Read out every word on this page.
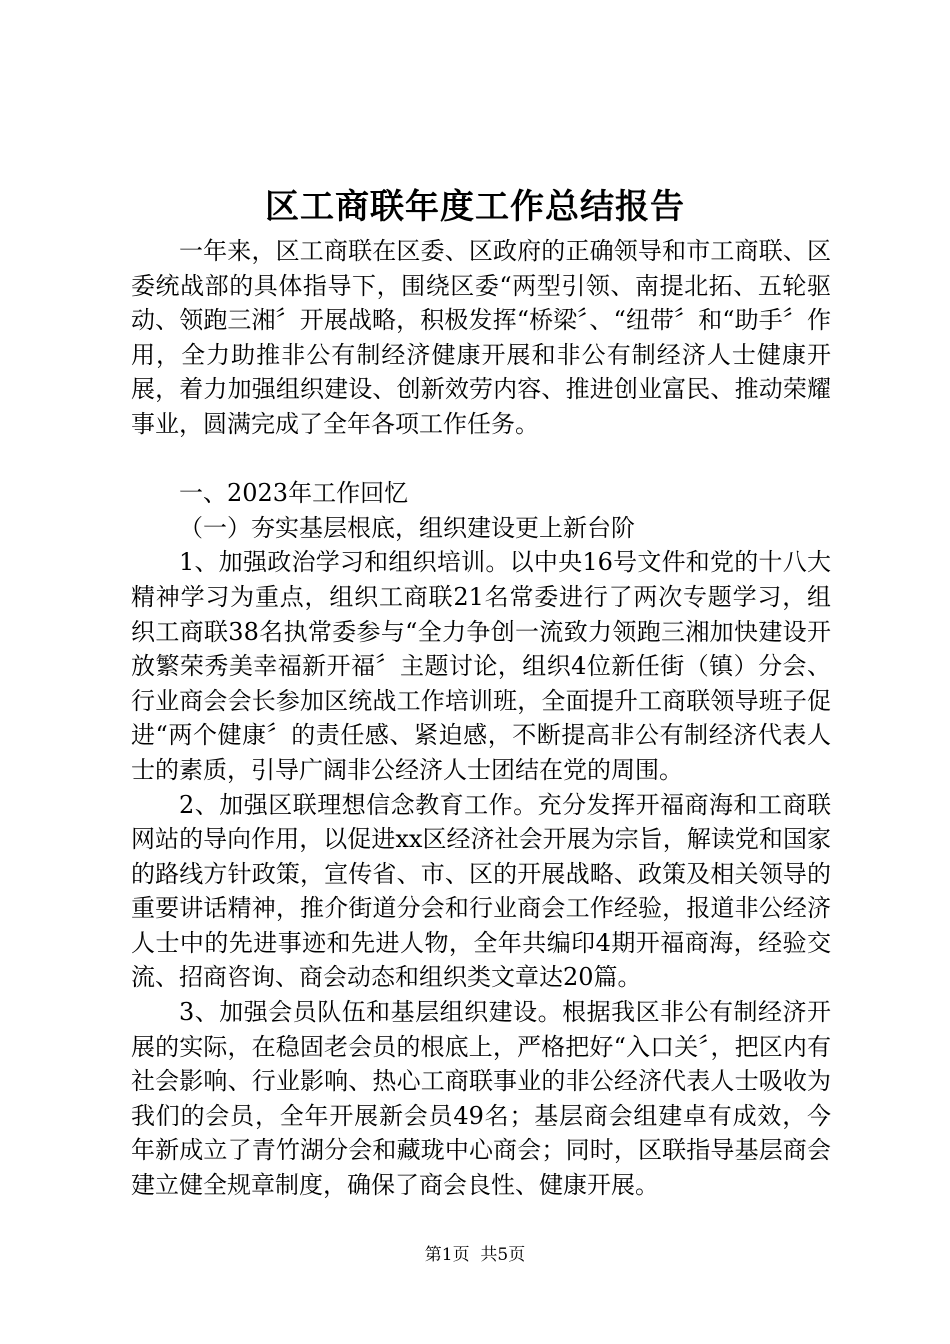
区工商联年度工作总结报告

一年来，区工商联在区委、区政府的正确领导和市工商联、区委统战部的具体指导下，围绕区委“两型引领、南提北拓、五轮驱动、领跑三湘〞开展战略，积极发挥“桥梁〞、“纽带〞和“助手〞作用，全力助推非公有制经济健康开展和非公有制经济人士健康开展，着力加强组织建设、创新效劳内容、推进创业富民、推动荣耀事业，圆满完成了全年各项工作任务。

一、2023年工作回忆

（一）夯实基层根底，组织建设更上新台阶

1、加强政治学习和组织培训。以中央16号文件和党的十八大精神学习为重点，组织工商联21名常委进行了两次专题学习，组织工商联38名执常委参与“全力争创一流致力领跑三湘加快建设开放繁荣秀美幸福新开福〞主题讨论，组织4位新任街（镇）分会、行业商会会长参加区统战工作培训班，全面提升工商联领导班子促进“两个健康〞的责任感、紧迫感，不断提高非公有制经济代表人士的素质，引导广阔非公经济人士团结在党的周围。

2、加强区联理想信念教育工作。充分发挥开福商海和工商联网站的导向作用，以促进xx区经济社会开展为宗旨，解读党和国家的路线方针政策，宣传省、市、区的开展战略、政策及相关领导的重要讲话精神，推介街道分会和行业商会工作经验，报道非公经济人士中的先进事迹和先进人物，全年共编印4期开福商海，经验交流、招商咨询、商会动态和组织类文章达20篇。

3、加强会员队伍和基层组织建设。根据我区非公有制经济开展的实际，在稳固老会员的根底上，严格把好“入口关〞，把区内有社会影响、行业影响、热心工商联事业的非公经济代表人士吸收为我们的会员，全年开展新会员49名；基层商会组建卓有成效，今年新成立了青竹湖分会和藏珑中心商会；同时，区联指导基层商会建立健全规章制度，确保了商会良性、健康开展。

第1页 共5页
